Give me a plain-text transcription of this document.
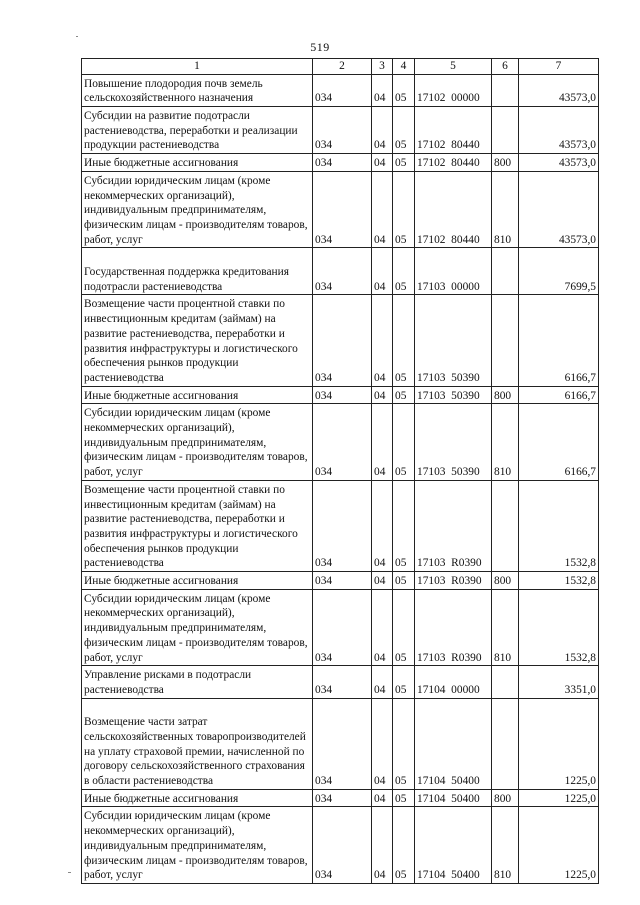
519
1	2	3	4	5	6	7
Повышение плодородия почв земель сельскохозяйственного назначения	034	04	05	17102  00000		43573,0
Субсидии на развитие подотрасли растениеводства, переработки и реализации продукции растениеводства	034	04	05	17102  80440		43573,0
Иные бюджетные ассигнования	034	04	05	17102  80440	800	43573,0
Субсидии юридическим лицам (кроме некоммерческих организаций), индивидуальным предпринимателям, физическим лицам - производителям товаров, работ, услуг	034	04	05	17102  80440	810	43573,0
Государственная поддержка кредитования подотрасли растениеводства	034	04	05	17103  00000		7699,5
Возмещение части процентной ставки по инвестиционным кредитам (займам) на развитие растениеводства, переработки и развития инфраструктуры и логистического обеспечения рынков продукции растениеводства	034	04	05	17103  50390		6166,7
Иные бюджетные ассигнования	034	04	05	17103  50390	800	6166,7
Субсидии юридическим лицам (кроме некоммерческих организаций), индивидуальным предпринимателям, физическим лицам - производителям товаров, работ, услуг	034	04	05	17103  50390	810	6166,7
Возмещение части процентной ставки по инвестиционным кредитам (займам) на развитие растениеводства, переработки и развития инфраструктуры и логистического обеспечения рынков продукции растениеводства	034	04	05	17103  R0390		1532,8
Иные бюджетные ассигнования	034	04	05	17103  R0390	800	1532,8
Субсидии юридическим лицам (кроме некоммерческих организаций), индивидуальным предпринимателям, физическим лицам - производителям товаров, работ, услуг	034	04	05	17103  R0390	810	1532,8
Управление рисками в подотрасли растениеводства	034	04	05	17104  00000		3351,0
Возмещение части затрат сельскохозяйственных товаропроизводителей на уплату страховой премии, начисленной по договору сельскохозяйственного страхования в области растениеводства	034	04	05	17104  50400		1225,0
Иные бюджетные ассигнования	034	04	05	17104  50400	800	1225,0
Субсидии юридическим лицам (кроме некоммерческих организаций), индивидуальным предпринимателям, физическим лицам - производителям товаров, работ, услуг	034	04	05	17104  50400	810	1225,0
